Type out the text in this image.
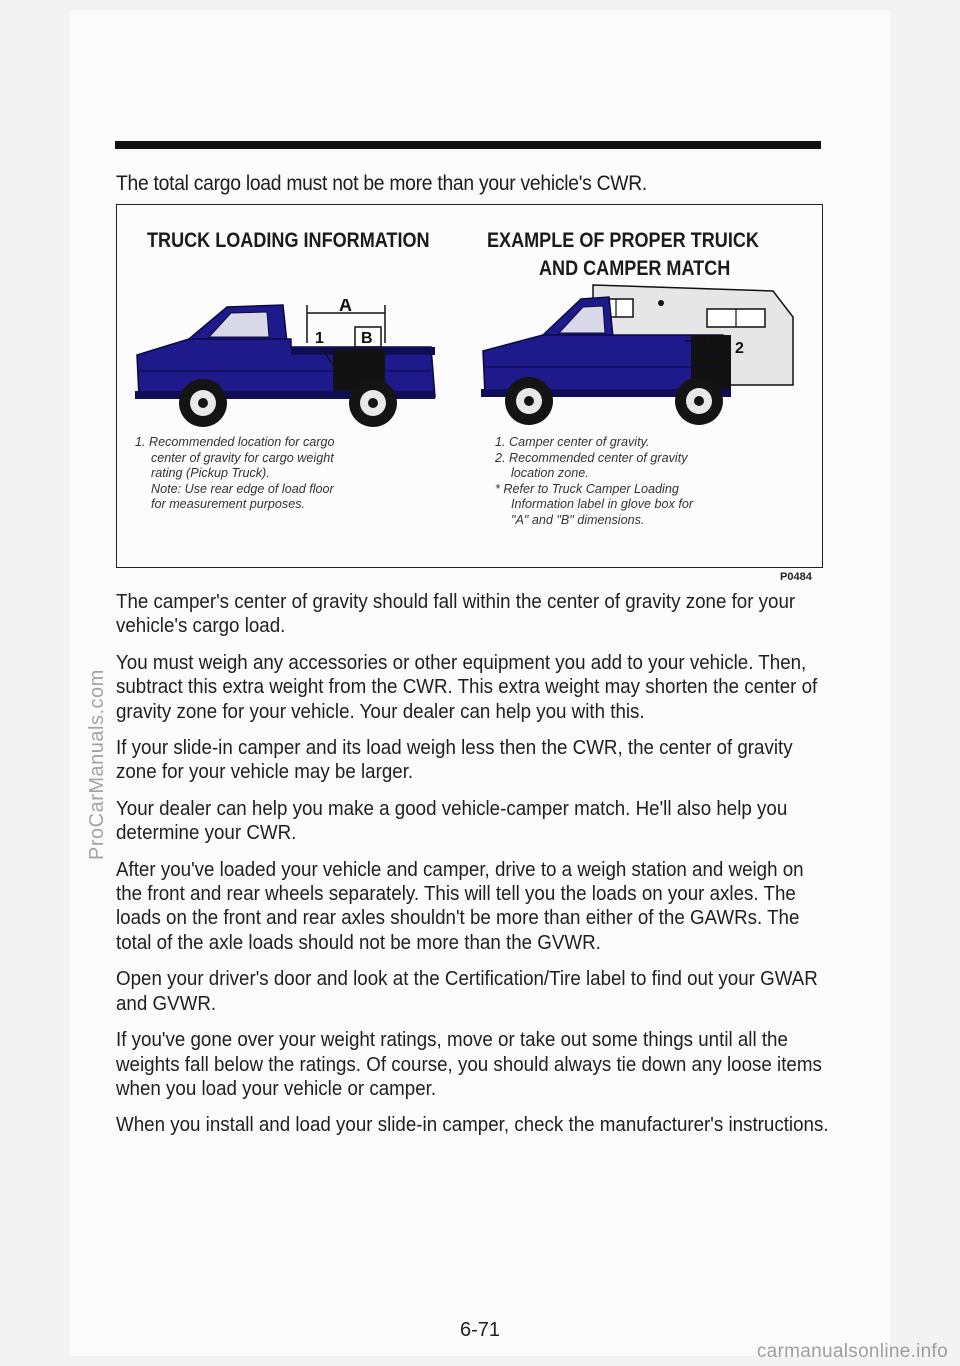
The total cargo load must not be more than your vehicle's CWR.
TRUCK LOADING INFORMATION	EXAMPLE OF PROPER TRUICK
AND CAMPER MATCH
A
1 B	1 2
1. Recommended location for cargo
center of gravity for cargo weight
rating (Pickup Truck).
Note: Use rear edge of load floor
for measurement purposes.
1. Camper center of gravity.
2. Recommended center of gravity
location zone.
* Refer to Truck Camper Loading
Information label in glove box for
"A" and "B" dimensions.
P0484

The camper's center of gravity should fall within the center of gravity zone for your vehicle's cargo load.

You must weigh any accessories or other equipment you add to your vehicle. Then, subtract this extra weight from the CWR. This extra weight may shorten the center of gravity zone for your vehicle. Your dealer can help you with this.

If your slide-in camper and its load weigh less then the CWR, the center of gravity zone for your vehicle may be larger.

Your dealer can help you make a good vehicle-camper match. He'll also help you determine your CWR.

After you've loaded your vehicle and camper, drive to a weigh station and weigh on the front and rear wheels separately. This will tell you the loads on your axles. The loads on the front and rear axles shouldn't be more than either of the GAWRs. The total of the axle loads should not be more than the GVWR.

Open your driver's door and look at the Certification/Tire label to find out your GWAR and GVWR.

If you've gone over your weight ratings, move or take out some things until all the weights fall below the ratings. Of course, you should always tie down any loose items when you load your vehicle or camper.

When you install and load your slide-in camper, check the manufacturer's instructions.

6-71
ProCarManuals.com
carmanualsonline.info
